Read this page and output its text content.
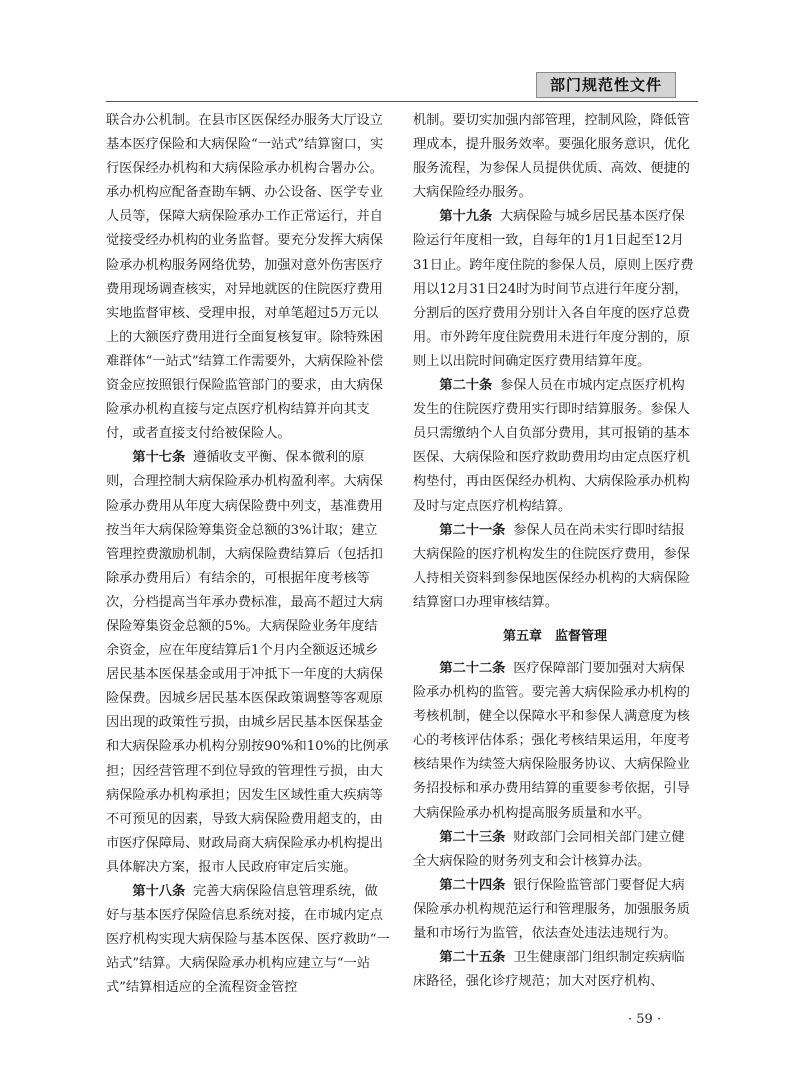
部门规范性文件

联合办公机制。在县市区医保经办服务大厅设立基本医疗保险和大病保险“一站式”结算窗口，实行医保经办机构和大病保险承办机构合署办公。承办机构应配备查勘车辆、办公设备、医学专业人员等，保障大病保险承办工作正常运行，并自觉接受经办机构的业务监督。要充分发挥大病保险承办机构服务网络优势，加强对意外伤害医疗费用现场调查核实，对异地就医的住院医疗费用实地监督审核、受理申报，对单笔超过5万元以上的大额医疗费用进行全面复核复审。除特殊困难群体“一站式”结算工作需要外，大病保险补偿资金应按照银行保险监管部门的要求，由大病保险承办机构直接与定点医疗机构结算并向其支付，或者直接支付给被保险人。

第十七条 遵循收支平衡、保本微利的原则，合理控制大病保险承办机构盈利率。大病保险承办费用从年度大病保险费中列支，基准费用按当年大病保险筹集资金总额的3%计取；建立管理控费激励机制，大病保险费结算后（包括扣除承办费用后）有结余的，可根据年度考核等次，分档提高当年承办费标准，最高不超过大病保险筹集资金总额的5%。大病保险业务年度结余资金，应在年度结算后1个月内全额返还城乡居民基本医保基金或用于冲抵下一年度的大病保险保费。因城乡居民基本医保政策调整等客观原因出现的政策性亏损，由城乡居民基本医保基金和大病保险承办机构分别按90%和10%的比例承担；因经营管理不到位导致的管理性亏损，由大病保险承办机构承担；因发生区域性重大疾病等不可预见的因素，导致大病保险费用超支的，由市医疗保障局、财政局商大病保险承办机构提出具体解决方案，报市人民政府审定后实施。

第十八条 完善大病保险信息管理系统，做好与基本医疗保险信息系统对接，在市城内定点医疗机构实现大病保险与基本医保、医疗救助“一站式”结算。大病保险承办机构应建立与“一站式”结算相适应的全流程资金管控

机制。要切实加强内部管理，控制风险，降低管理成本，提升服务效率。要强化服务意识，优化服务流程，为参保人员提供优质、高效、便捷的大病保险经办服务。

第十九条 大病保险与城乡居民基本医疗保险运行年度相一致，自每年的1月1日起至12月31日止。跨年度住院的参保人员，原则上医疗费用以12月31日24时为时间节点进行年度分割，分割后的医疗费用分别计入各自年度的医疗总费用。市外跨年度住院费用未进行年度分割的，原则上以出院时间确定医疗费用结算年度。

第二十条 参保人员在市城内定点医疗机构发生的住院医疗费用实行即时结算服务。参保人员只需缴纳个人自负部分费用，其可报销的基本医保、大病保险和医疗救助费用均由定点医疗机构垫付，再由医保经办机构、大病保险承办机构及时与定点医疗机构结算。

第二十一条 参保人员在尚未实行即时结报大病保险的医疗机构发生的住院医疗费用，参保人持相关资料到参保地医保经办机构的大病保险结算窗口办理审核结算。

第五章　监督管理

第二十二条 医疗保障部门要加强对大病保险承办机构的监管。要完善大病保险承办机构的考核机制，健全以保障水平和参保人满意度为核心的考核评估体系；强化考核结果运用，年度考核结果作为续签大病保险服务协议、大病保险业务招投标和承办费用结算的重要参考依据，引导大病保险承办机构提高服务质量和水平。

第二十三条 财政部门会同相关部门建立健全大病保险的财务列支和会计核算办法。

第二十四条 银行保险监管部门要督促大病保险承办机构规范运行和管理服务，加强服务质量和市场行为监管，依法查处违法违规行为。

第二十五条 卫生健康部门组织制定疾病临床路径，强化诊疗规范；加大对医疗机构、

· 59 ·
